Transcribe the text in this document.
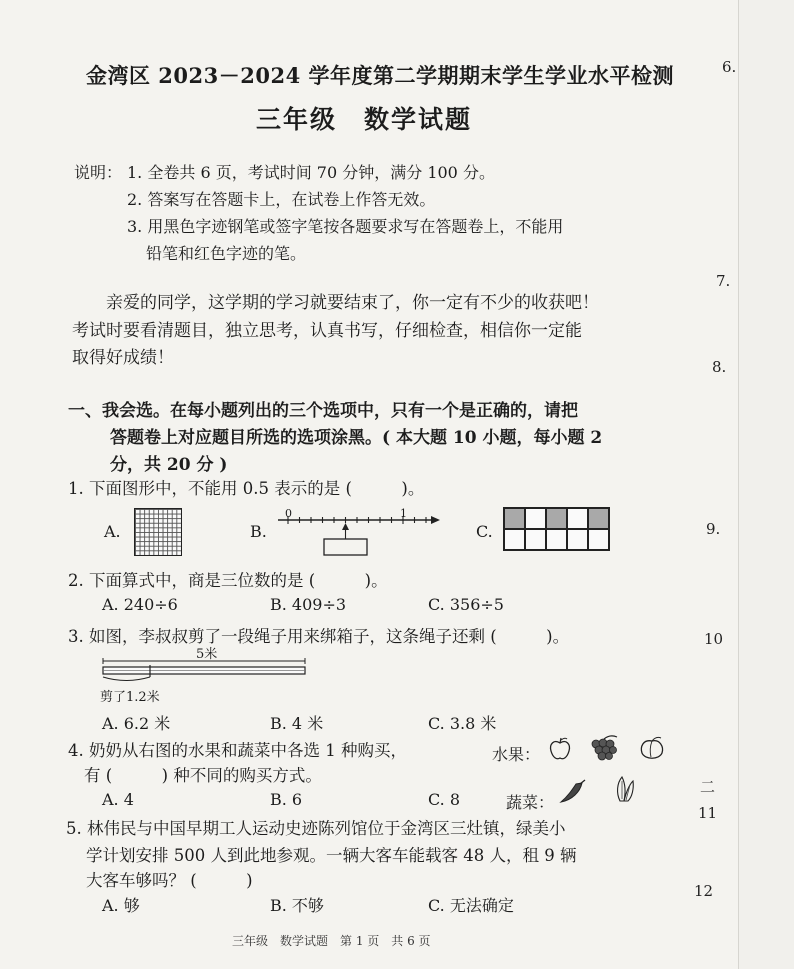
金湾区 2023－2024 学年度第二学期期末学生学业水平检测
三年级　数学试题
说明： 1. 全卷共 6 页，考试时间 70 分钟，满分 100 分。
2. 答案写在答题卡上，在试卷上作答无效。
3. 用黑色字迹钢笔或签字笔按各题要求写在答题卷上，不能用
铅笔和红色字迹的笔。
亲爱的同学，这学期的学习就要结束了，你一定有不少的收获吧！
考试时要看清题目，独立思考，认真书写，仔细检查，相信你一定能
取得好成绩！
一、我会选。在每小题列出的三个选项中，只有一个是正确的，请把
答题卷上对应题目所选的选项涂黑。( 本大题 10 小题，每小题 2
分，共 20 分 )
1. 下面图形中，不能用 0.5 表示的是 (　　　)。
A.	B.
0	1
C.
2. 下面算式中，商是三位数的是 (　　　)。
A. 240÷6	B. 409÷3	C. 356÷5
3. 如图，李叔叔剪了一段绳子用来绑箱子，这条绳子还剩 (　　　)。
5米
剪了1.2米
A. 6.2 米	B. 4 米	C. 3.8 米
4. 奶奶从右图的水果和蔬菜中各选 1 种购买，
有 (　　　) 种不同的购买方式。
水果：
A. 4	B. 6	C. 8	蔬菜：
5. 林伟民与中国早期工人运动史迹陈列馆位于金湾区三灶镇，绿美小
学计划安排 500 人到此地参观。一辆大客车能载客 48 人，租 9 辆
大客车够吗？ (　　　)
A. 够	B. 不够	C. 无法确定
三年级　数学试题　第 1 页　共 6 页
6.
7.
8.
9.
10
二
11
12
